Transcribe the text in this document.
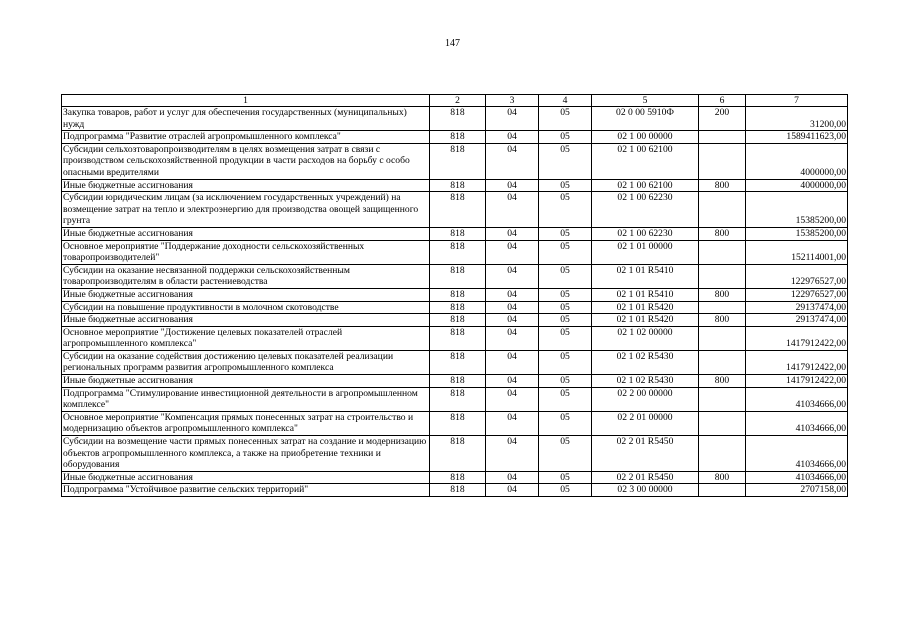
147
1	2	3	4	5	6	7
Закупка товаров, работ и услуг для обеспечения государственных (муниципальных) нужд	818	04	05	02 0 00 5910Ф	200	31200,00
Подпрограмма "Развитие отраслей агропромышленного комплекса"	818	04	05	02 1 00 00000		1589411623,00
Субсидии сельхозтоваропроизводителям в целях возмещения затрат в связи с производством сельскохозяйственной продукции в части расходов на борьбу с особо опасными вредителями	818	04	05	02 1 00 62100		4000000,00
Иные бюджетные ассигнования	818	04	05	02 1 00 62100	800	4000000,00
Субсидии юридическим лицам (за исключением государственных учреждений) на возмещение затрат на тепло и электроэнергию для производства овощей защищенного грунта	818	04	05	02 1 00 62230		15385200,00
Иные бюджетные ассигнования	818	04	05	02 1 00 62230	800	15385200,00
Основное мероприятие "Поддержание доходности сельскохозяйственных товаропроизводителей"	818	04	05	02 1 01 00000		152114001,00
Субсидии на оказание несвязанной поддержки сельскохозяйственным товаропроизводителям в области растениеводства	818	04	05	02 1 01 R5410		122976527,00
Иные бюджетные ассигнования	818	04	05	02 1 01 R5410	800	122976527,00
Субсидии на повышение продуктивности в молочном скотоводстве	818	04	05	02 1 01 R5420		29137474,00
Иные бюджетные ассигнования	818	04	05	02 1 01 R5420	800	29137474,00
Основное мероприятие "Достижение целевых показателей отраслей агропромышленного комплекса"	818	04	05	02 1 02 00000		1417912422,00
Субсидии на оказание содействия достижению целевых показателей реализации региональных программ развития агропромышленного комплекса	818	04	05	02 1 02 R5430		1417912422,00
Иные бюджетные ассигнования	818	04	05	02 1 02 R5430	800	1417912422,00
Подпрограмма "Стимулирование инвестиционной деятельности в агропромышленном комплексе"	818	04	05	02 2 00 00000		41034666,00
Основное мероприятие "Компенсация прямых понесенных затрат на строительство и модернизацию объектов агропромышленного комплекса"	818	04	05	02 2 01 00000		41034666,00
Субсидии на возмещение части прямых понесенных затрат на создание и модернизацию объектов агропромышленного комплекса, а также на приобретение техники и оборудования	818	04	05	02 2 01 R5450		41034666,00
Иные бюджетные ассигнования	818	04	05	02 2 01 R5450	800	41034666,00
Подпрограмма "Устойчивое развитие сельских территорий"	818	04	05	02 3 00 00000		2707158,00
